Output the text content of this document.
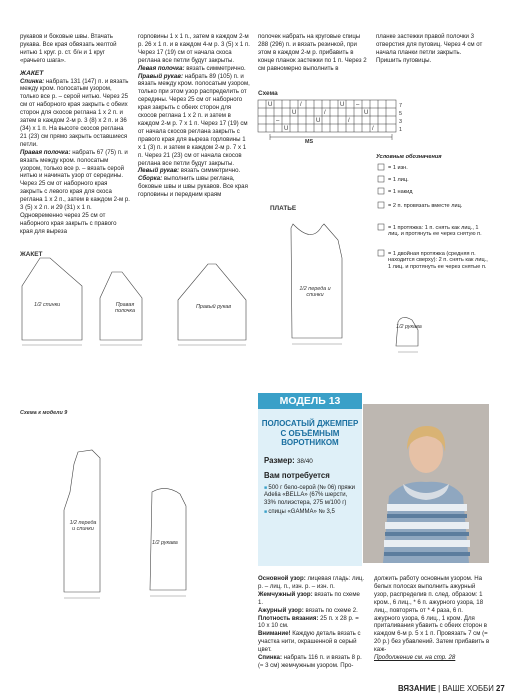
рукавов и боковые швы. Втачать рукава. Все края обвязать желтой нитью 1 круг. р. ст. б/н и 1 круг «рачьего шага».

ЖАКЕТ

Спинка: набрать 131 (147) п. и вязать между кром. полосатым узором, только все р. – серой нитью. Через 25 см от наборного края закрыть с обеих сторон для скосов реглана 1 х 2 п. и затем в каждом 2-м р. 3 (8) х 2 п. и 36 (34) х 1 п. На высоте скосов реглана 21 (23) см прямо закрыть оставшиеся петли.

Правая полочка: набрать 67 (75) п. и вязать между кром. полосатым узором, только все р. – вязать серой нитью и начинать узор от середины. Через 25 см от наборного края закрыть с левого края для скоса реглана 1 х 2 п., затем в каждом 2-м р. 3 (5) х 2 п. и 29 (31) х 1 п. Одновременно через 25 см от наборного края закрыть с правого края для выреза

горловины 1 х 1 п., затем в каждом 2-м р. 26 х 1 п. и в каждом 4-м р. 3 (5) х 1 п. Через 17 (19) см от начала скоса реглана все петли будут закрыты.

Левая полочка: вязать симметрично.

Правый рукав: набрать 89 (105) п. и вязать между кром. полосатым узором, только при этом узор распределить от середины. Через 25 см от наборного края закрыть с обеих сторон для скосов реглана 1 х 2 п. и затем в каждом 2-м р. 7 х 1 п. Через 17 (19) см от начала скосов реглана закрыть с правого края для выреза горловины 1 х 1 (3) п. и затем в каждом 2-м р. 7 х 1 п. Через 21 (23) см от начала скосов реглана все петли будут закрыты.

Левый рукав: вязать симметрично.

Сборка: выполнить швы реглана, боковые швы и швы рукавов. Все края горловины и передним краям

полочек набрать на круговые спицы 288 (296) п. и вязать резинкой, при этом в каждом 2-м р. прибавить в конце планок застежки по 1 п. Через 2 см равномерно выполнить в

планке застежки правой полочки 3 отверстия для пуговиц. Через 4 см от начала планки петли закрыть. Пришить пуговицы.

Схема
U
U
U
U
U
U
/
/
/
/
–
–
MS
7
5
3
1
Условные обозначения
= 1 изн.
= 1 лиц.
= 1 накид
= 2 п. провязать вместе лиц.
= 1 протяжка: 1 п. снять как лиц., 1 лиц. и протянуть ее через снятую п.
= 1 двойная протяжка (средняя п. находится сверху): 2 п. снять как лиц., 1 лиц. и протянуть ее через снятые п.
ПЛАТЬЕ
ЖАКЕТ
Схема к модели 9
1/2 спинки	Правая полочка
Правый рукав
1/2 переда и спинки
1/2 рукава
1/2 переда и спинки
1/2 рукава
МОДЕЛЬ 13
ПОЛОСАТЫЙ ДЖЕМПЕР С ОБЪЁМНЫМ ВОРОТНИКОМ
Размер: 38/40
Вам потребуется
■ 500 г бело-серой (№ 06) пряжи Adelia «BELLA» (67% шерсти, 33% полиэстера, 275 м/100 г)
■ спицы «GAMMA» № 3,5

Основной узор: лицевая гладь: лиц. р. – лиц. п., изн. р. – изн. п.

Жемчужный узор: вязать по схеме 1.

Ажурный узор: вязать по схеме 2.

Плотность вязания: 25 п. х 28 р. = 10 х 10 см.

Внимание! Каждую деталь вязать с участка нити, окрашенной в серый цвет.

Спинка: набрать 116 п. и вязать 8 р. (≈ 3 см) жемчужным узором. Про-

должить работу основным узором. На белых полосах выполнить ажурный узор, распределив п. след. образом: 1 кром., 6 лиц., * 6 п. ажурного узора, 18 лиц., повторять от * 4 раза, 6 п. ажурного узора, 6 лиц., 1 кром. Для приталивания убавить с обеих сторон в каждом 6-м р. 5 х 1 п. Провязать 7 см (= 20 р.) без убавлений. Затем прибавить в каж-

Продолжение см. на стр. 28

ВЯЗАНИЕ | ВАШЕ ХОББИ 27
